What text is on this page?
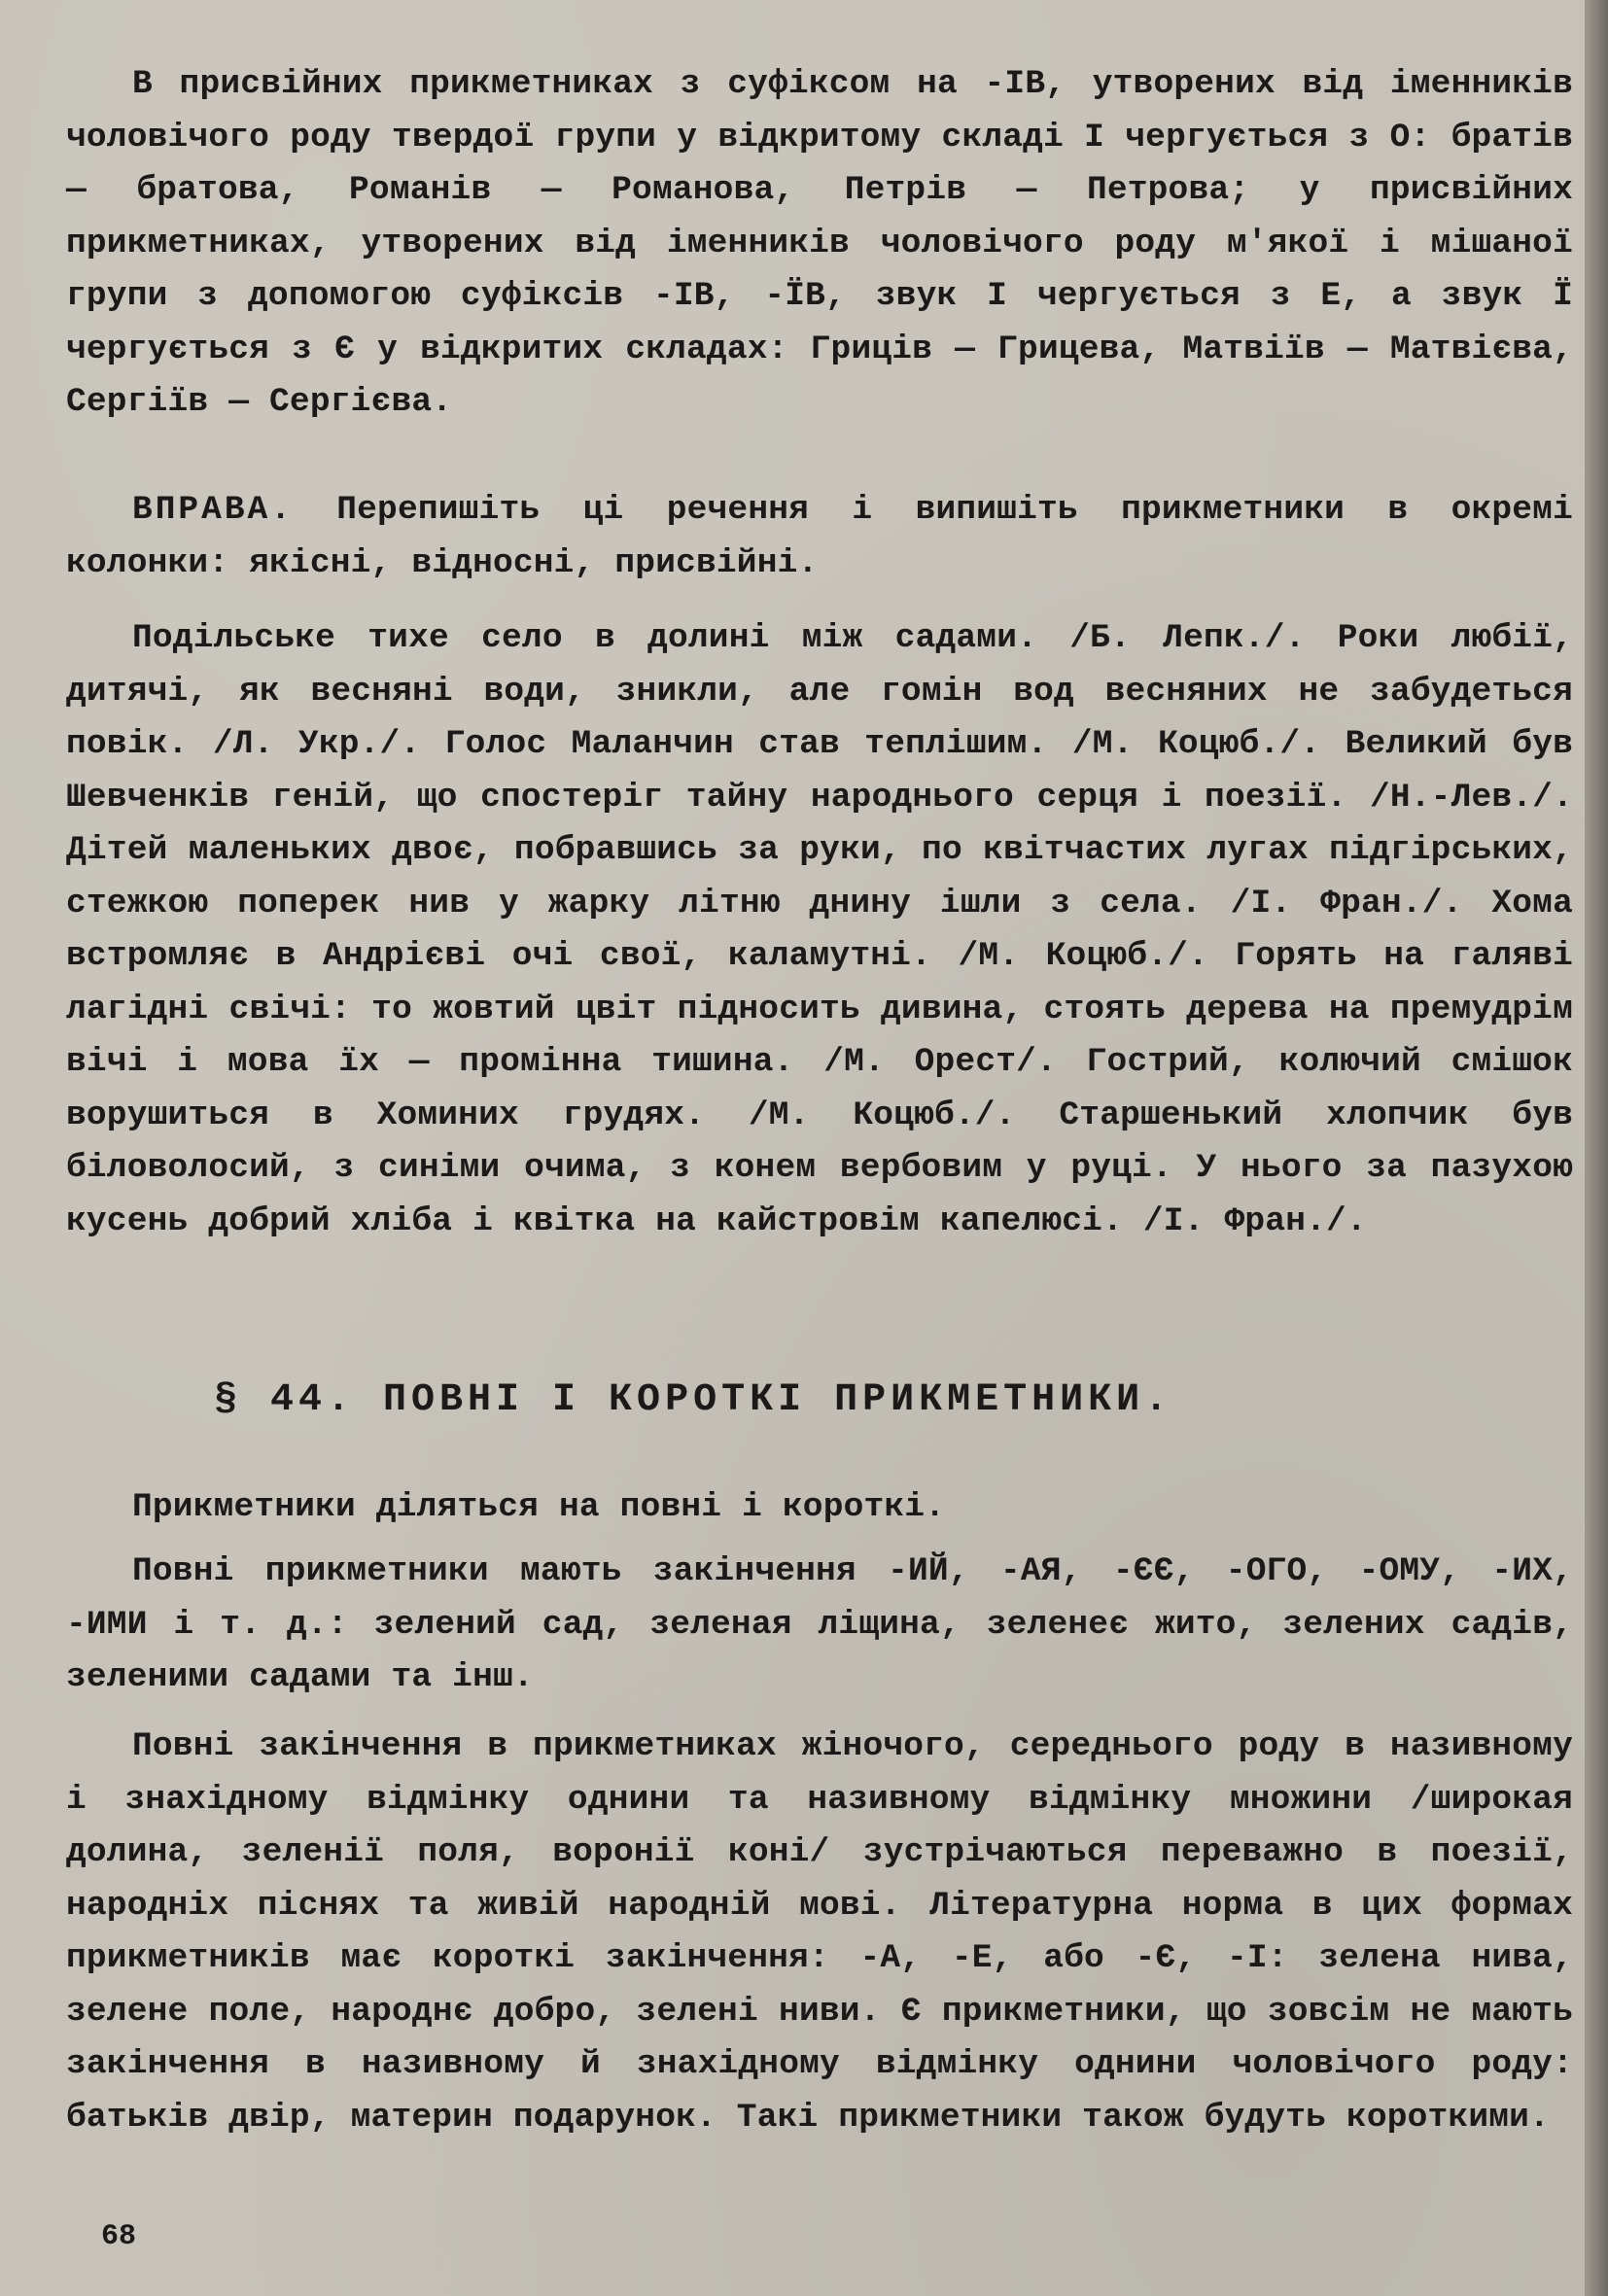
В присвійних прикметниках з суфіксом на -ІВ, утворених від іменників чоловічого роду твердої групи у відкритому складі І чергується з О: братів — братова, Романів — Романова, Петрів — Петрова; у присвійних прикметниках, утворених від іменників чоловічого роду м'якої і мішаної групи з допомогою суфіксів -ІВ, -ЇВ, звук І чергується з Е, а звук Ї чергується з Є у відкритих складах: Гриців — Грицева, Матвіїв — Матвієва, Сергіїв — Сергієва.

ВПРАВА. Перепишіть ці речення і випишіть прикметники в окремі колонки: якісні, відносні, присвійні.

Подільське тихе село в долині між садами. /Б. Лепк./. Роки любії, дитячі, як весняні води, зникли, але гомін вод весняних не забудеться повік. /Л. Укр./. Голос Маланчин став теплішим. /М. Коцюб./. Великий був Шевченків геній, що спостеріг тайну народнього серця і поезії. /Н.-Лев./. Дітей маленьких двоє, побравшись за руки, по квітчастих лугах підгірських, стежкою поперек нив у жарку літню днину ішли з села. /І. Фран./. Хома встромляє в Андрієві очі свої, каламутні. /М. Коцюб./. Горять на галяві лагідні свічі: то жовтий цвіт підносить дивина, стоять дерева на премудрім вічі і мова їх — промінна тишина. /М. Орест/. Гострий, колючий смішок ворушиться в Хоминих грудях. /М. Коцюб./. Старшенький хлопчик був біловолосий, з синіми очима, з конем вербовим у руці. У нього за пазухою кусень добрий хліба і квітка на кайстровім капелюсі. /І. Фран./.

§ 44. ПОВНІ І КОРОТКІ ПРИКМЕТНИКИ.

Прикметники діляться на повні і короткі.

Повні прикметники мають закінчення -ИЙ, -АЯ, -ЄЄ, -ОГО, -ОМУ, -ИХ, -ИМИ і т. д.: зелений сад, зеленая ліщина, зеленеє жито, зелених садів, зеленими садами та інш.

Повні закінчення в прикметниках жіночого, середнього роду в називному і знахідному відмінку однини та називному відмінку множини /широкая долина, зеленії поля, воронії коні/ зустрічаються переважно в поезії, народніх піснях та живій народній мові. Літературна норма в цих формах прикметників має короткі закінчення: -А, -Е, або -Є, -І: зелена нива, зелене поле, народнє добро, зелені ниви. Є прикметники, що зовсім не мають закінчення в називному й знахідному відмінку однини чоловічого роду: батьків двір, материн подарунок. Такі прикметники також будуть короткими.

68
